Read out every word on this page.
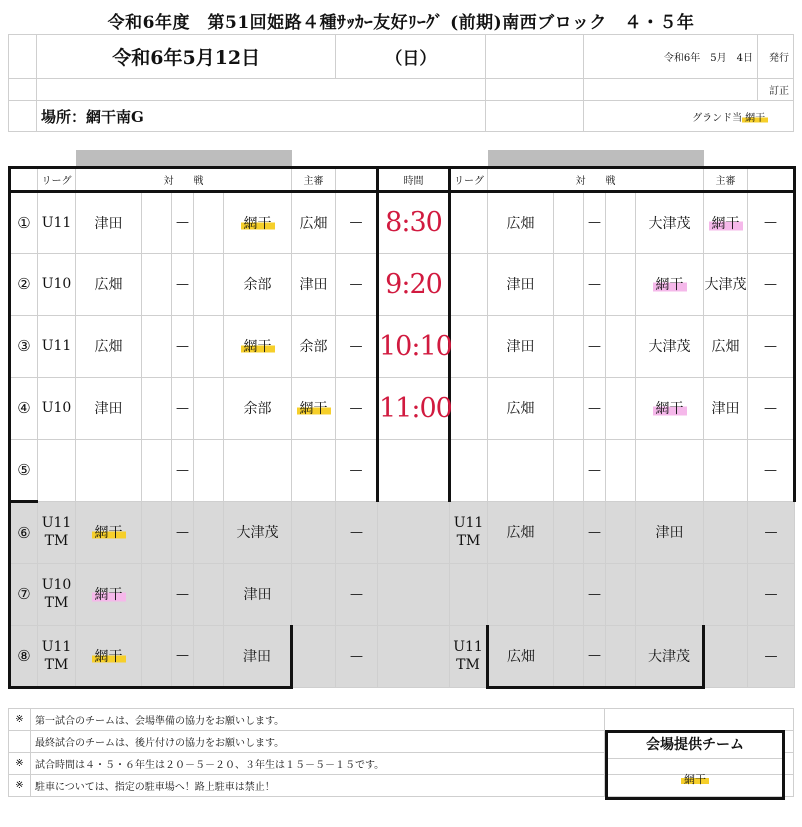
令和6年度　第51回姫路４種ｻｯｶｰ友好ﾘｰｸﾞ (前期)南西ブロック　４・５年
	令和6年5月12日	（日）		令和6年　5月　4日	発行
					訂正
	場所：網干南G			グランド当 網干	

	リーグ	対　　戦					主審		時間	リーグ	対　　戦					主審	
①	U11	津田		—		網干	広畑	—	8:30		広畑		—		大津茂	網干	—
②	U10	広畑		—		余部	津田	—	9:20		津田		—		網干	大津茂	—
③	U11	広畑		—		網干	余部	—	10:10		津田		—		大津茂	広畑	—
④	U10	津田		—		余部	網干	—	11:00		広畑		—		網干	津田	—
⑤				—				—					—				—
⑥	U11 TM	網干		—		大津茂		—		U11 TM	広畑		—		津田		—
⑦	U10 TM	網干		—		津田		—					—				—
⑧	U11 TM	網干		—		津田		—		U11 TM	広畑		—		大津茂		—
※	第一試合のチームは、会場準備の協力をお願いします。	
	最終試合のチームは、後片付けの協力をお願いします。	
※	試合時間は４・５・６年生は２０－５－２０、３年生は１５－５－１５です。	
※	駐車については、指定の駐車場へ！路上駐車は禁止！	
会場提供チーム
網干
